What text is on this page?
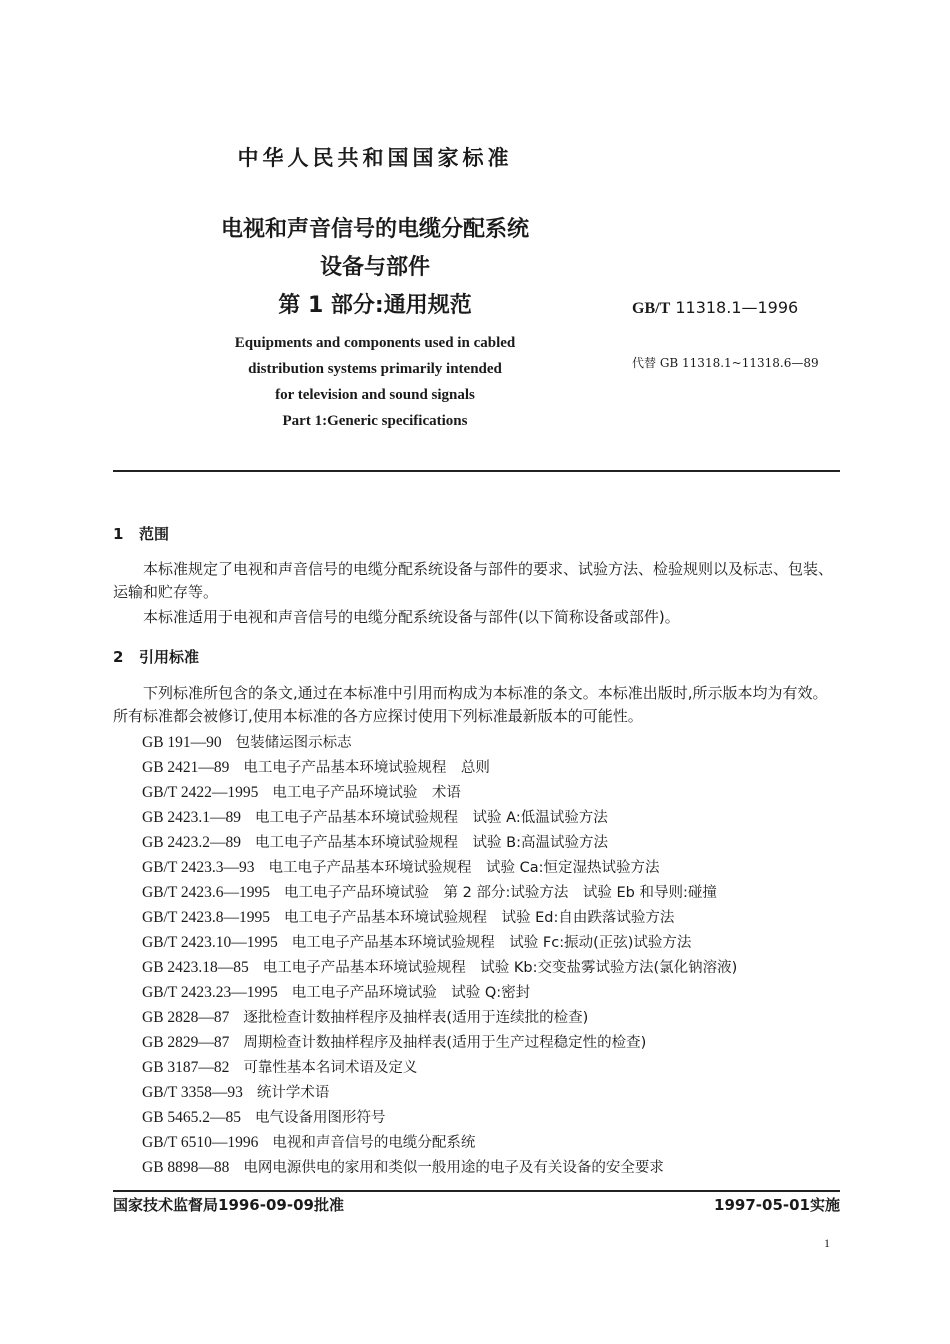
中华人民共和国国家标准
电视和声音信号的电缆分配系统
设备与部件
第 1 部分:通用规范	GB/T 11318.1—1996
代替 GB 11318.1~11318.6—89
Equipments and components used in cabled
distribution systems primarily intended
for television and sound signals
Part 1:Generic specifications
1 范围
本标准规定了电视和声音信号的电缆分配系统设备与部件的要求、试验方法、检验规则以及标志、包装、运输和贮存等。
本标准适用于电视和声音信号的电缆分配系统设备与部件(以下简称设备或部件)。
2 引用标准
下列标准所包含的条文,通过在本标准中引用而构成为本标准的条文。本标准出版时,所示版本均为有效。所有标准都会被修订,使用本标准的各方应探讨使用下列标准最新版本的可能性。
GB 191—90 包装储运图示标志
GB 2421—89 电工电子产品基本环境试验规程　总则
GB/T 2422—1995 电工电子产品环境试验　术语
GB 2423.1—89 电工电子产品基本环境试验规程　试验 A:低温试验方法
GB 2423.2—89 电工电子产品基本环境试验规程　试验 B:高温试验方法
GB/T 2423.3—93 电工电子产品基本环境试验规程　试验 Ca:恒定湿热试验方法
GB/T 2423.6—1995 电工电子产品环境试验　第 2 部分:试验方法　试验 Eb 和导则:碰撞
GB/T 2423.8—1995 电工电子产品基本环境试验规程　试验 Ed:自由跌落试验方法
GB/T 2423.10—1995 电工电子产品基本环境试验规程　试验 Fc:振动(正弦)试验方法
GB 2423.18—85 电工电子产品基本环境试验规程　试验 Kb:交变盐雾试验方法(氯化钠溶液)
GB/T 2423.23—1995 电工电子产品环境试验　试验 Q:密封
GB 2828—87 逐批检查计数抽样程序及抽样表(适用于连续批的检查)
GB 2829—87 周期检查计数抽样程序及抽样表(适用于生产过程稳定性的检查)
GB 3187—82 可靠性基本名词术语及定义
GB/T 3358—93 统计学术语
GB 5465.2—85 电气设备用图形符号
GB/T 6510—1996 电视和声音信号的电缆分配系统
GB 8898—88 电网电源供电的家用和类似一般用途的电子及有关设备的安全要求
国家技术监督局1996-09-09批准	1997-05-01实施
1
